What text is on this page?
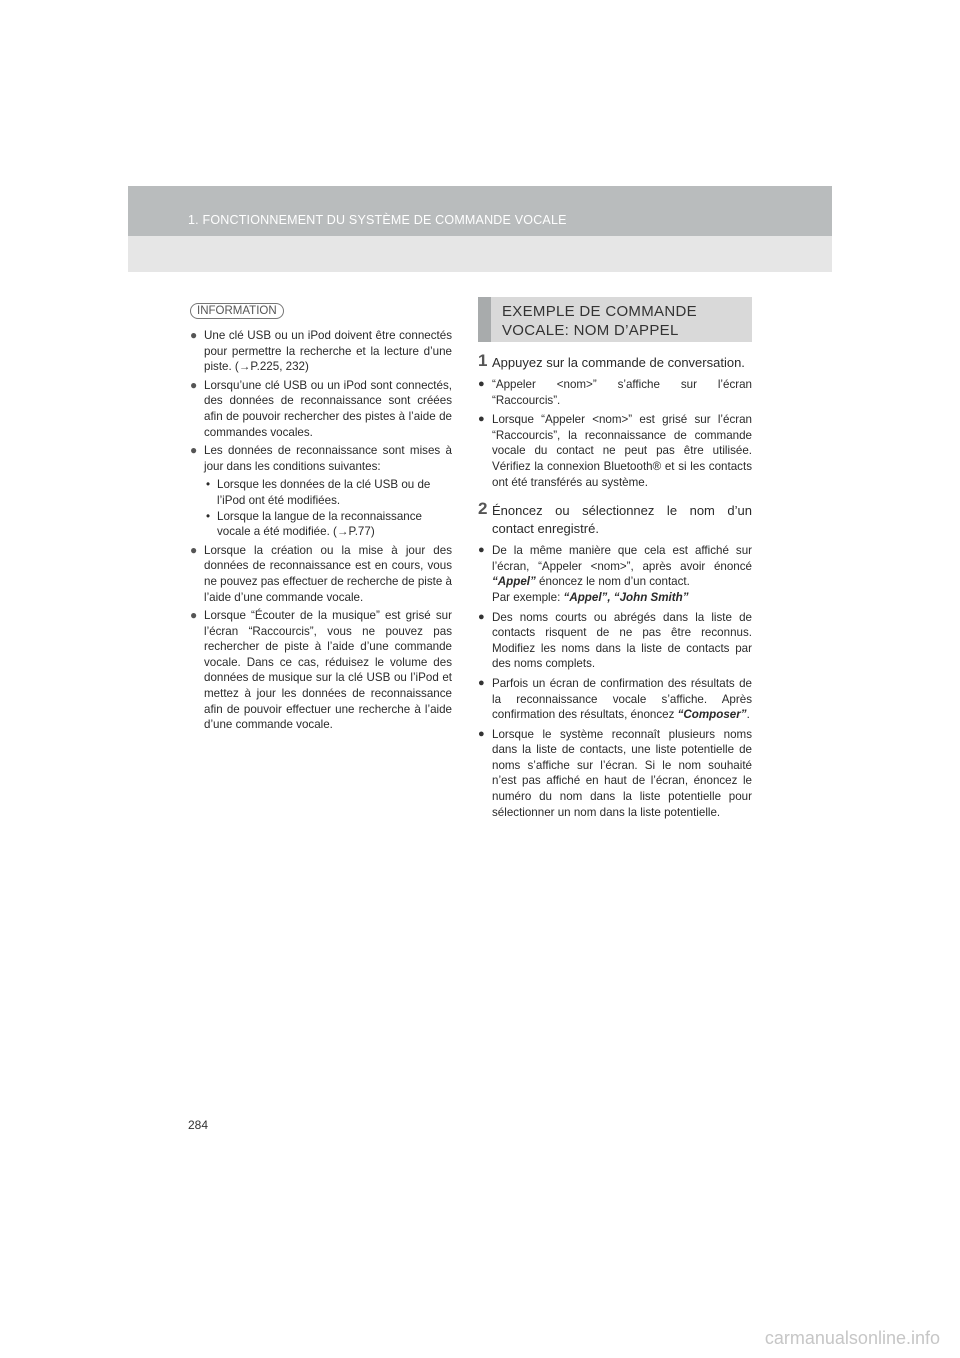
1. FONCTIONNEMENT DU SYSTÈME DE COMMANDE VOCALE
INFORMATION
● Une clé USB ou un iPod doivent être connectés pour permettre la recherche et la lecture d’une piste. (→P.225, 232)
● Lorsqu’une clé USB ou un iPod sont connectés, des données de reconnaissance sont créées afin de pouvoir rechercher des pistes à l’aide de commandes vocales.
● Les données de reconnaissance sont mises à jour dans les conditions suivantes:
• Lorsque les données de la clé USB ou de l’iPod ont été modifiées.
• Lorsque la langue de la reconnaissance vocale a été modifiée. (→P.77)
● Lorsque la création ou la mise à jour des données de reconnaissance est en cours, vous ne pouvez pas effectuer de recherche de piste à l’aide d’une commande vocale.
● Lorsque “Écouter de la musique” est grisé sur l’écran “Raccourcis”, vous ne pouvez pas rechercher de piste à l’aide d’une commande vocale. Dans ce cas, réduisez le volume des données de musique sur la clé USB ou l’iPod et mettez à jour les données de reconnaissance afin de pouvoir effectuer une recherche à l’aide d’une commande vocale.
EXEMPLE DE COMMANDE
VOCALE: NOM D’APPEL
1 Appuyez sur la commande de conversation.
● “Appeler <nom>” s’affiche sur l’écran “Raccourcis”.
● Lorsque “Appeler <nom>” est grisé sur l’écran “Raccourcis”, la reconnaissance de commande vocale du contact ne peut pas être utilisée. Vérifiez la connexion Bluetooth® et si les contacts ont été transférés au système.
2 Énoncez ou sélectionnez le nom d’un contact enregistré.
● De la même manière que cela est affiché sur l’écran, “Appeler <nom>”, après avoir énoncé “Appel” énoncez le nom d’un contact.
Par exemple: “Appel”, “John Smith”
● Des noms courts ou abrégés dans la liste de contacts risquent de ne pas être reconnus. Modifiez les noms dans la liste de contacts par des noms complets.
● Parfois un écran de confirmation des résultats de la reconnaissance vocale s’affiche. Après confirmation des résultats, énoncez “Composer”.
● Lorsque le système reconnaît plusieurs noms dans la liste de contacts, une liste potentielle de noms s’affiche sur l’écran. Si le nom souhaité n’est pas affiché en haut de l’écran, énoncez le numéro du nom dans la liste potentielle pour sélectionner un nom dans la liste potentielle.
284
carmanualsonline.info
